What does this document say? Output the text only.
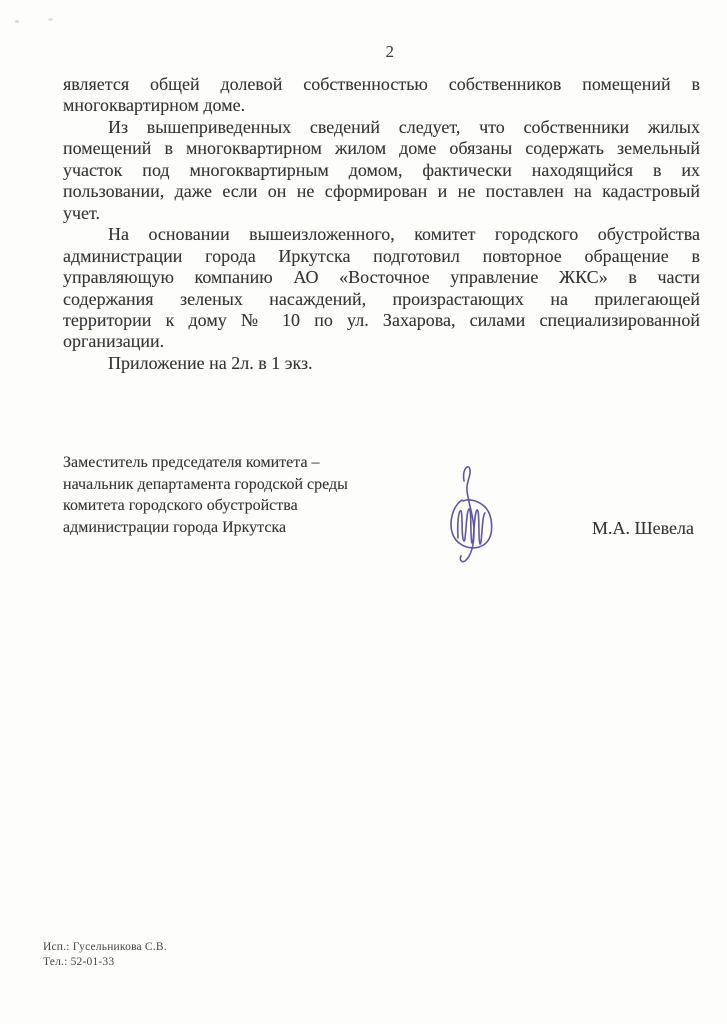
2
является общей долевой собственностью собственников помещений в
многоквартирном доме.
Из вышеприведенных сведений следует, что собственники жилых
помещений в многоквартирном жилом доме обязаны содержать земельный
участок под многоквартирным домом, фактически находящийся в их
пользовании, даже если он не сформирован и не поставлен на кадастровый
учет.
На основании вышеизложенного, комитет городского обустройства
администрации города Иркутска подготовил повторное обращение в
управляющую компанию АО «Восточное управление ЖКС» в части
содержания зеленых насаждений, произрастающих на прилегающей
территории к дому № 10 по ул. Захарова, силами специализированной
организации.
Приложение на 2л. в 1 экз.
Заместитель председателя комитета –
начальник департамента городской среды
комитета городского обустройства
администрации города Иркутска	М.А. Шевела
Исп.: Гусельникова С.В.
Тел.: 52-01-33
